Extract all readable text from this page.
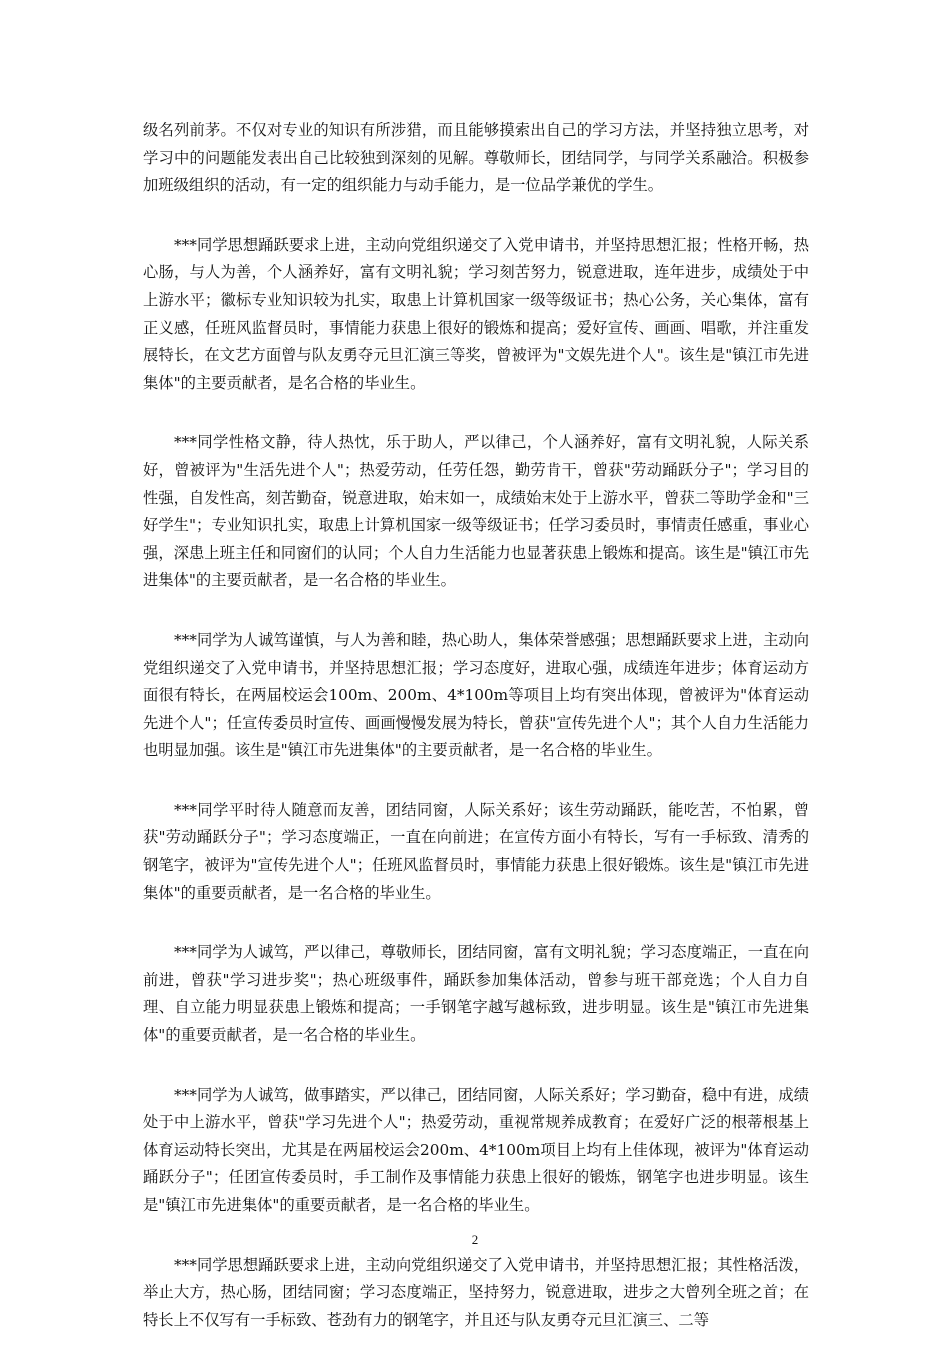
级名列前茅。不仅对专业的知识有所涉猎，而且能够摸索出自己的学习方法，并坚持独立思考，对学习中的问题能发表出自己比较独到深刻的见解。尊敬师长，团结同学，与同学关系融洽。积极参加班级组织的活动，有一定的组织能力与动手能力，是一位品学兼优的学生。

***同学思想踊跃要求上进，主动向党组织递交了入党申请书，并坚持思想汇报；性格开畅，热心肠，与人为善，个人涵养好，富有文明礼貌；学习刻苦努力，锐意进取，连年进步，成绩处于中上游水平；徽标专业知识较为扎实，取患上计算机国家一级等级证书；热心公务，关心集体，富有正义感，任班风监督员时，事情能力获患上很好的锻炼和提高；爱好宣传、画画、唱歌，并注重发展特长，在文艺方面曾与队友勇夺元旦汇演三等奖，曾被评为"文娱先进个人"。该生是"镇江市先进集体"的主要贡献者，是名合格的毕业生。

***同学性格文静，待人热忱，乐于助人，严以律己，个人涵养好，富有文明礼貌，人际关系好，曾被评为"生活先进个人"；热爱劳动，任劳任怨，勤劳肯干，曾获"劳动踊跃分子"；学习目的性强，自发性高，刻苦勤奋，锐意进取，始末如一，成绩始末处于上游水平，曾获二等助学金和"三好学生"；专业知识扎实，取患上计算机国家一级等级证书；任学习委员时，事情责任感重，事业心强，深患上班主任和同窗们的认同；个人自力生活能力也显著获患上锻炼和提高。该生是"镇江市先进集体"的主要贡献者，是一名合格的毕业生。

***同学为人诚笃谨慎，与人为善和睦，热心助人，集体荣誉感强；思想踊跃要求上进，主动向党组织递交了入党申请书，并坚持思想汇报；学习态度好，进取心强，成绩连年进步；体育运动方面很有特长，在两届校运会100m、200m、4*100m等项目上均有突出体现，曾被评为"体育运动先进个人"；任宣传委员时宣传、画画慢慢发展为特长，曾获"宣传先进个人"；其个人自力生活能力也明显加强。该生是"镇江市先进集体"的主要贡献者，是一名合格的毕业生。

***同学平时待人随意而友善，团结同窗，人际关系好；该生劳动踊跃，能吃苦，不怕累，曾获"劳动踊跃分子"；学习态度端正，一直在向前进；在宣传方面小有特长，写有一手标致、清秀的钢笔字，被评为"宣传先进个人"；任班风监督员时，事情能力获患上很好锻炼。该生是"镇江市先进集体"的重要贡献者，是一名合格的毕业生。

***同学为人诚笃，严以律己，尊敬师长，团结同窗，富有文明礼貌；学习态度端正，一直在向前进，曾获"学习进步奖"；热心班级事件，踊跃参加集体活动，曾参与班干部竞选；个人自力自理、自立能力明显获患上锻炼和提高；一手钢笔字越写越标致，进步明显。该生是"镇江市先进集体"的重要贡献者，是一名合格的毕业生。

***同学为人诚笃，做事踏实，严以律己，团结同窗，人际关系好；学习勤奋，稳中有进，成绩处于中上游水平，曾获"学习先进个人"；热爱劳动，重视常规养成教育；在爱好广泛的根蒂根基上体育运动特长突出，尤其是在两届校运会200m、4*100m项目上均有上佳体现，被评为"体育运动踊跃分子"；任团宣传委员时，手工制作及事情能力获患上很好的锻炼，钢笔字也进步明显。该生是"镇江市先进集体"的重要贡献者，是一名合格的毕业生。

***同学思想踊跃要求上进，主动向党组织递交了入党申请书，并坚持思想汇报；其性格活泼，举止大方，热心肠，团结同窗；学习态度端正，坚持努力，锐意进取，进步之大曾列全班之首；在特长上不仅写有一手标致、苍劲有力的钢笔字，并且还与队友勇夺元旦汇演三、二等

2
